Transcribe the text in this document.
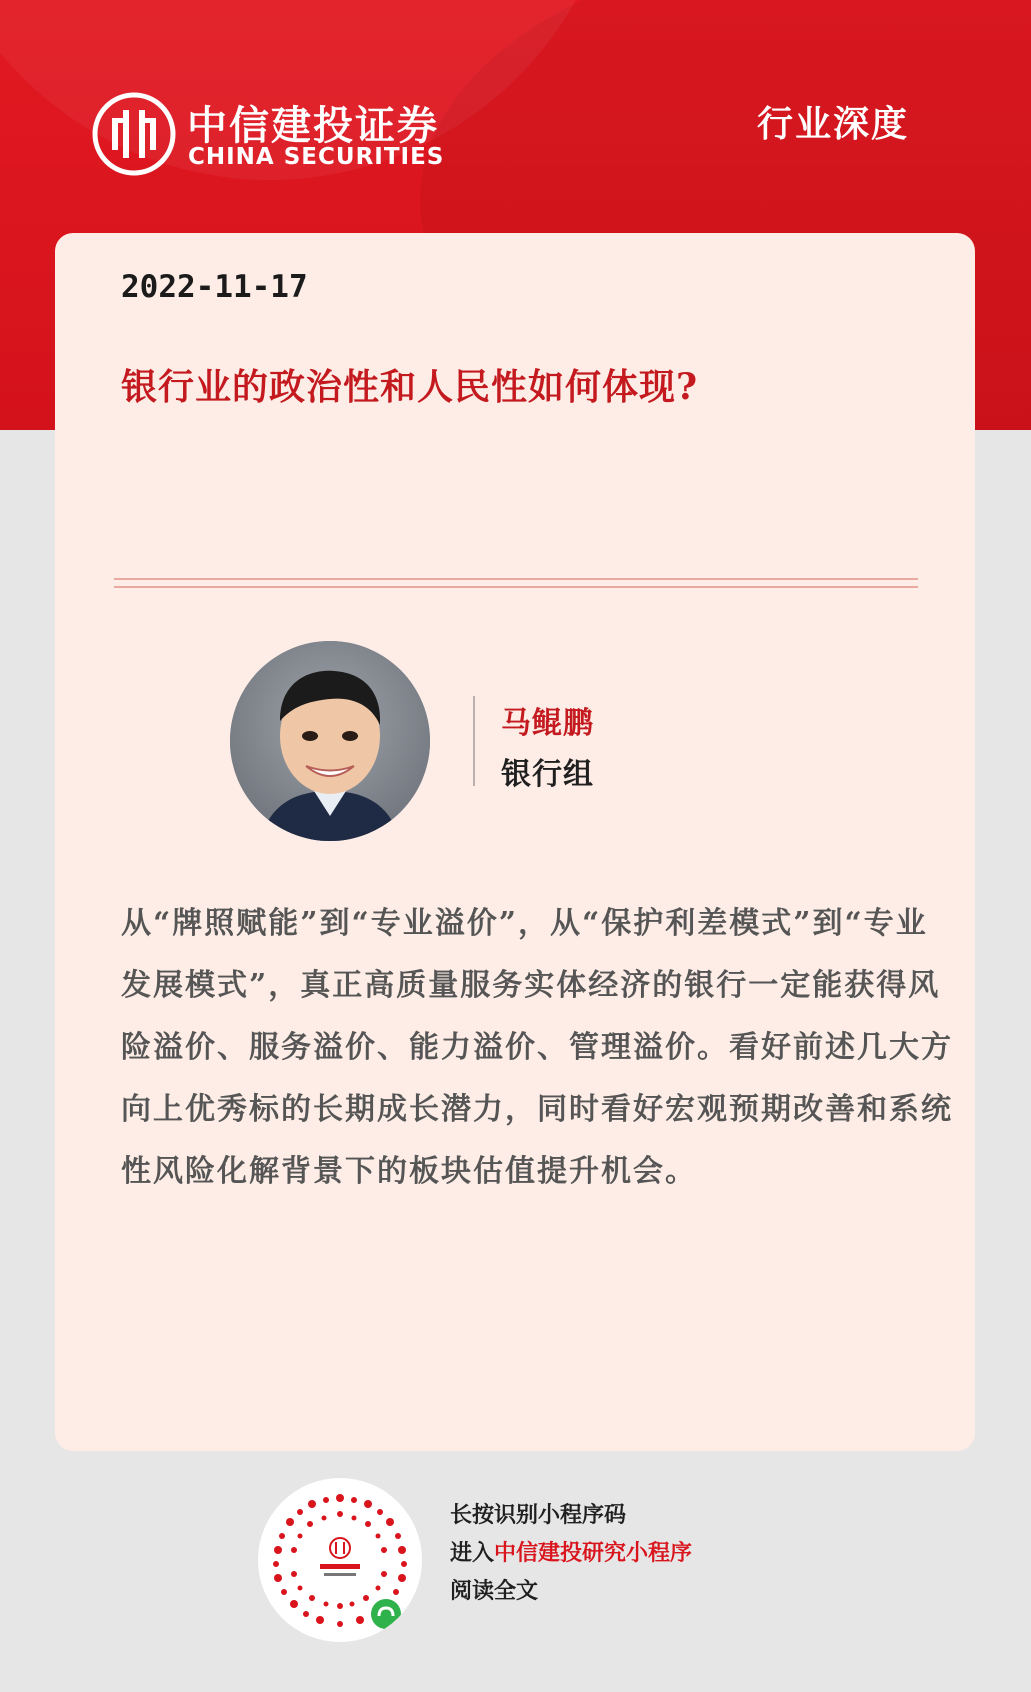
中信建投证券
CHINA SECURITIES
行业深度
2022-11-17
银行业的政治性和人民性如何体现?
马鲲鹏
银行组
从“牌照赋能”到“专业溢价”，从“保护利差模式”到“专业发展模式”，真正高质量服务实体经济的银行一定能获得风险溢价、服务溢价、能力溢价、管理溢价。看好前述几大方向上优秀标的长期成长潜力，同时看好宏观预期改善和系统性风险化解背景下的板块估值提升机会。
长按识别小程序码
进入中信建投研究小程序
阅读全文
